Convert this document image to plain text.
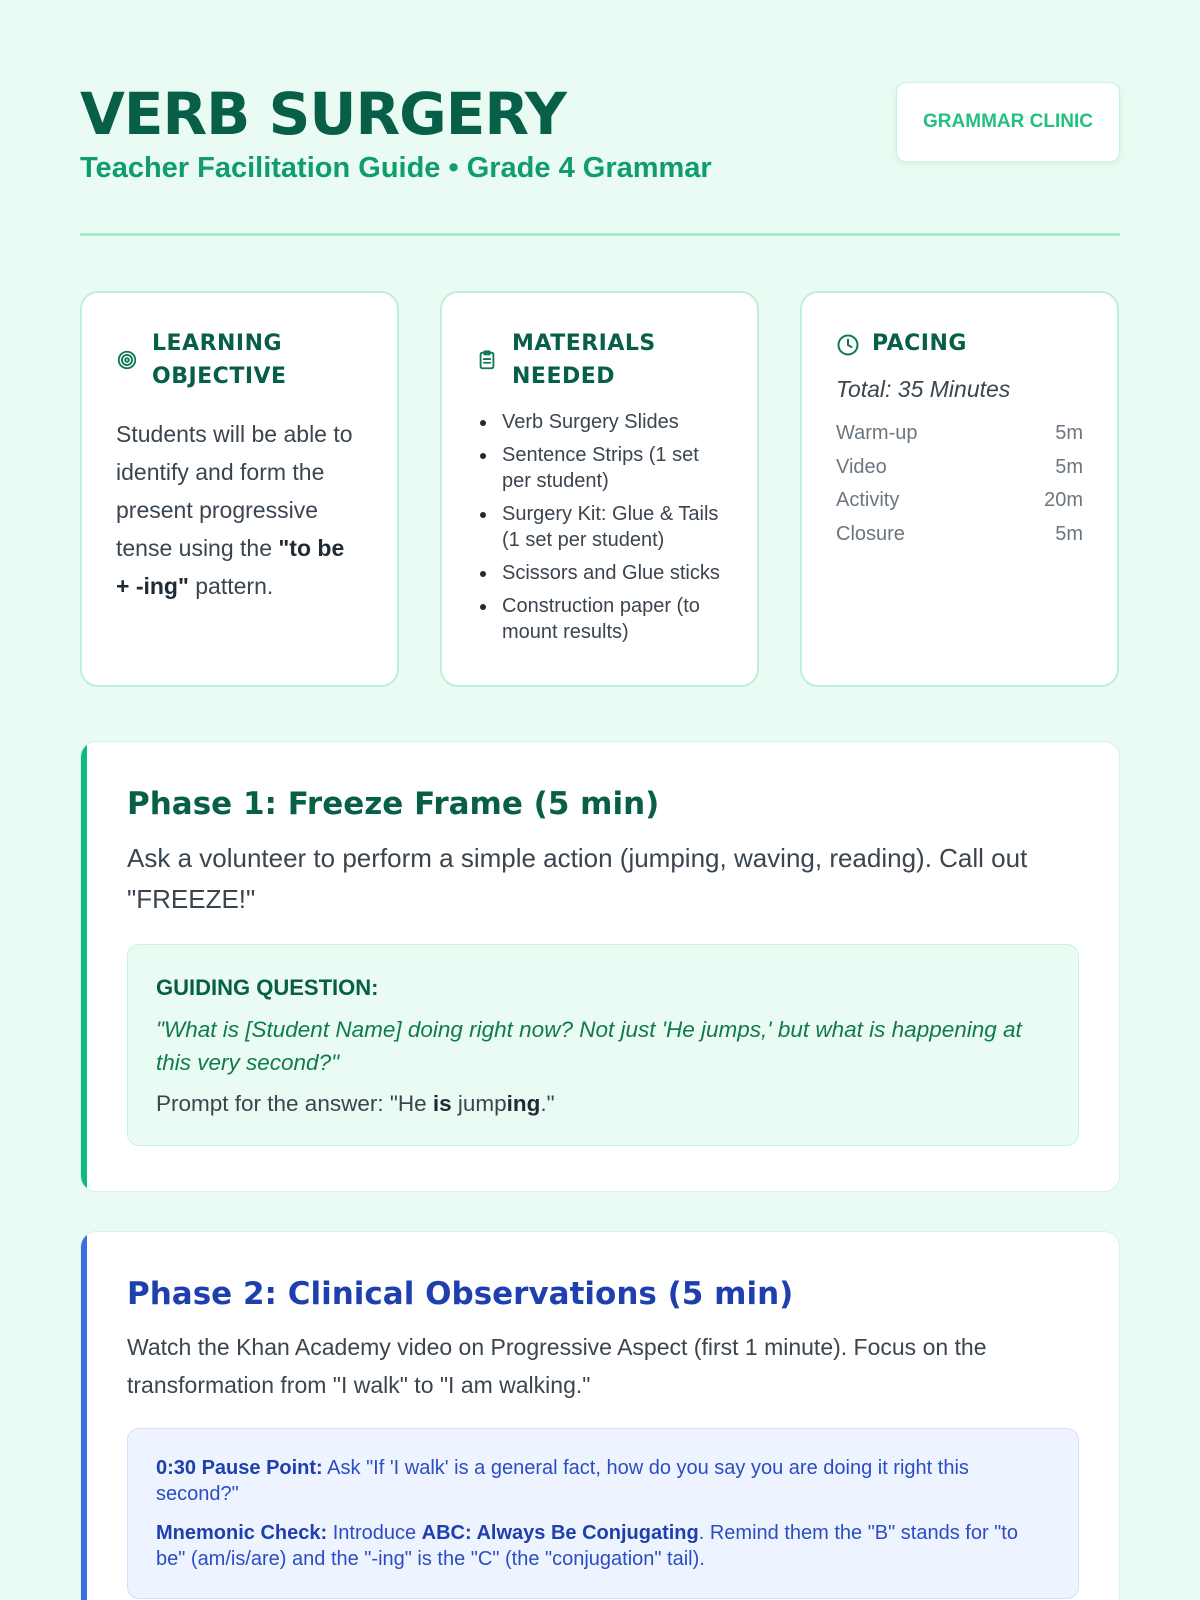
VERB SURGERY
Teacher Facilitation Guide • Grade 4 Grammar
GRAMMAR CLINIC
LEARNING OBJECTIVE

Students will be able to identify and form the present progressive tense using the "to be + -ing" pattern.

MATERIALS NEEDED
Verb Surgery Slides
Sentence Strips (1 set per student)
Surgery Kit: Glue & Tails (1 set per student)
Scissors and Glue sticks
Construction paper (to mount results)
PACING
Total: 35 Minutes
Warm-up	5m
Video	5m
Activity	20m
Closure	5m
Phase 1: Freeze Frame (5 min)

Ask a volunteer to perform a simple action (jumping, waving, reading). Call out "FREEZE!"

GUIDING QUESTION:
"What is [Student Name] doing right now? Not just 'He jumps,' but what is happening at this very second?"
Prompt for the answer: "He is jumping."
Phase 2: Clinical Observations (5 min)

Watch the Khan Academy video on Progressive Aspect (first 1 minute). Focus on the transformation from "I walk" to "I am walking."

0:30 Pause Point: Ask "If 'I walk' is a general fact, how do you say you are doing it right this second?"
Mnemonic Check: Introduce ABC: Always Be Conjugating. Remind them the "B" stands for "to be" (am/is/are) and the "-ing" is the "C" (the "conjugation" tail).
